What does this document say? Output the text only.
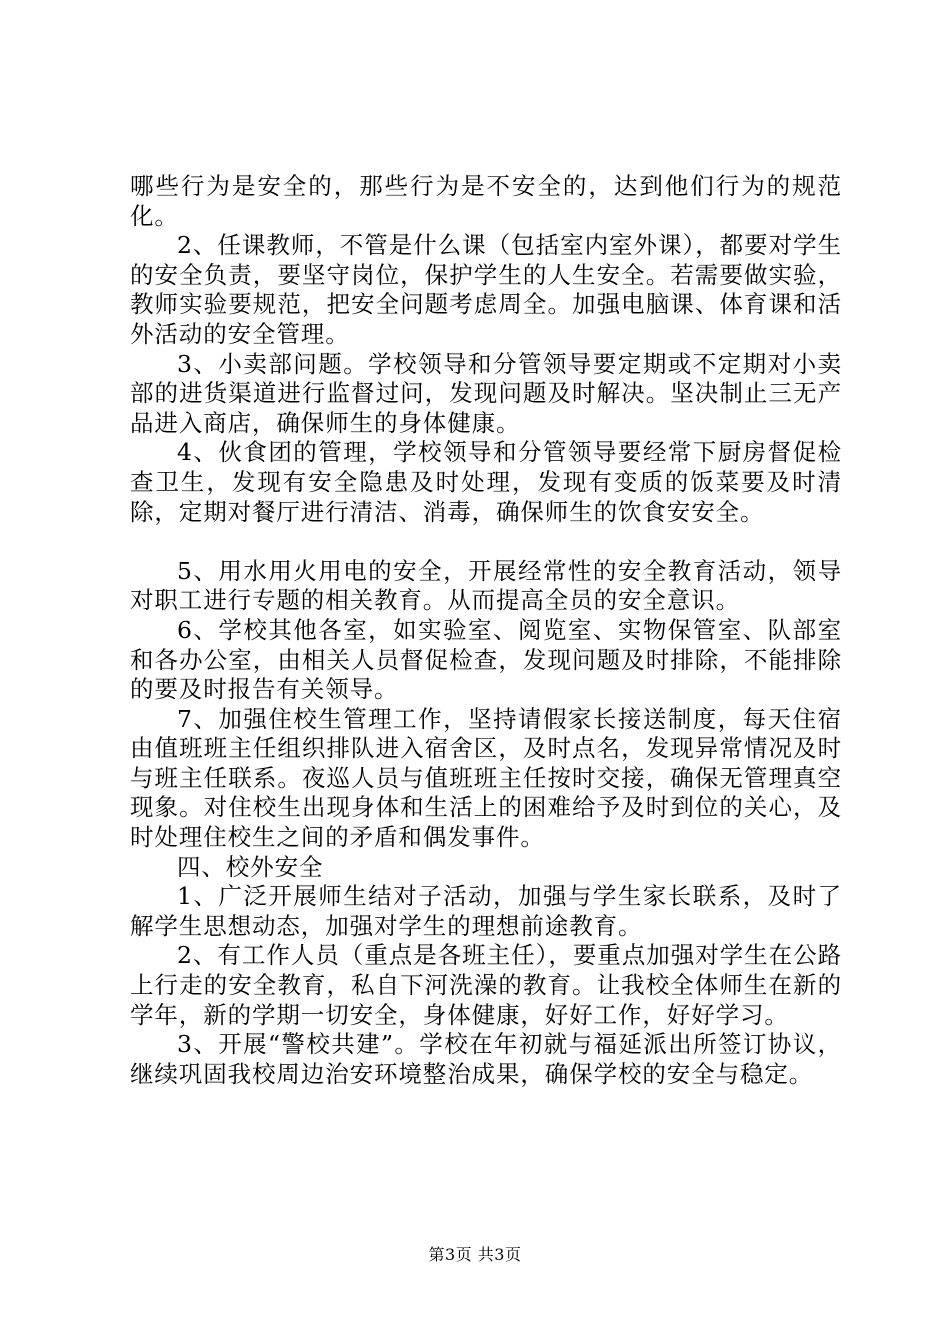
哪些行为是安全的，那些行为是不安全的，达到他们行为的规范化。

2、任课教师，不管是什么课（包括室内室外课），都要对学生的安全负责，要坚守岗位，保护学生的人生安全。若需要做实验，教师实验要规范，把安全问题考虑周全。加强电脑课、体育课和活外活动的安全管理。

3、小卖部问题。学校领导和分管领导要定期或不定期对小卖部的进货渠道进行监督过问，发现问题及时解决。坚决制止三无产品进入商店，确保师生的身体健康。

4、伙食团的管理，学校领导和分管领导要经常下厨房督促检查卫生，发现有安全隐患及时处理，发现有变质的饭菜要及时清除，定期对餐厅进行清洁、消毒，确保师生的饮食安安全。

5、用水用火用电的安全，开展经常性的安全教育活动，领导对职工进行专题的相关教育。从而提高全员的安全意识。

6、学校其他各室，如实验室、阅览室、实物保管室、队部室和各办公室，由相关人员督促检查，发现问题及时排除，不能排除的要及时报告有关领导。

7、加强住校生管理工作，坚持请假家长接送制度，每天住宿由值班班主任组织排队进入宿舍区，及时点名，发现异常情况及时与班主任联系。夜巡人员与值班班主任按时交接，确保无管理真空现象。对住校生出现身体和生活上的困难给予及时到位的关心，及时处理住校生之间的矛盾和偶发事件。

四、校外安全

1、广泛开展师生结对子活动，加强与学生家长联系，及时了解学生思想动态，加强对学生的理想前途教育。

2、有工作人员（重点是各班主任），要重点加强对学生在公路上行走的安全教育，私自下河洗澡的教育。让我校全体师生在新的学年，新的学期一切安全，身体健康，好好工作，好好学习。

3、开展“警校共建”。学校在年初就与福延派出所签订协议，继续巩固我校周边治安环境整治成果，确保学校的安全与稳定。

第3页 共3页
